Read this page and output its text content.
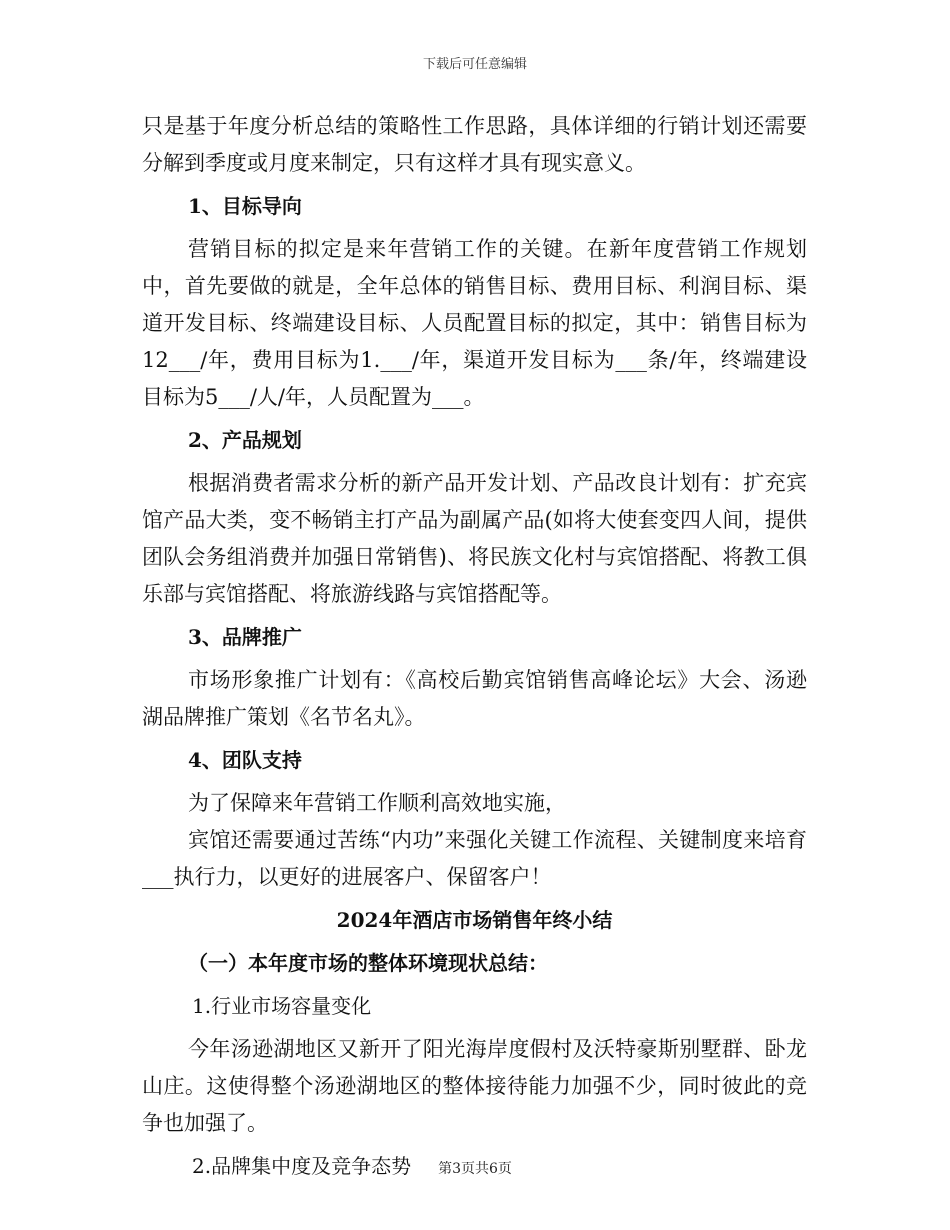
下载后可任意编辑

只是基于年度分析总结的策略性工作思路，具体详细的行销计划还需要分解到季度或月度来制定，只有这样才具有现实意义。

1、目标导向

营销目标的拟定是来年营销工作的关键。在新年度营销工作规划中，首先要做的就是，全年总体的销售目标、费用目标、利润目标、渠道开发目标、终端建设目标、人员配置目标的拟定，其中：销售目标为12___/年，费用目标为1.___/年，渠道开发目标为___条/年，终端建设目标为5___/人/年，人员配置为___。

2、产品规划

根据消费者需求分析的新产品开发计划、产品改良计划有：扩充宾馆产品大类，变不畅销主打产品为副属产品(如将大使套变四人间，提供团队会务组消费并加强日常销售)、将民族文化村与宾馆搭配、将教工俱乐部与宾馆搭配、将旅游线路与宾馆搭配等。

3、品牌推广

市场形象推广计划有：《高校后勤宾馆销售高峰论坛》大会、汤逊湖品牌推广策划《名节名丸》。

4、团队支持

为了保障来年营销工作顺利高效地实施，

宾馆还需要通过苦练“内功”来强化关键工作流程、关键制度来培育___执行力，以更好的进展客户、保留客户！

2024年酒店市场销售年终小结

（一）本年度市场的整体环境现状总结：

1.行业市场容量变化

今年汤逊湖地区又新开了阳光海岸度假村及沃特豪斯别墅群、卧龙山庄。这使得整个汤逊湖地区的整体接待能力加强不少，同时彼此的竞争也加强了。

2.品牌集中度及竞争态势	第3页共6页
